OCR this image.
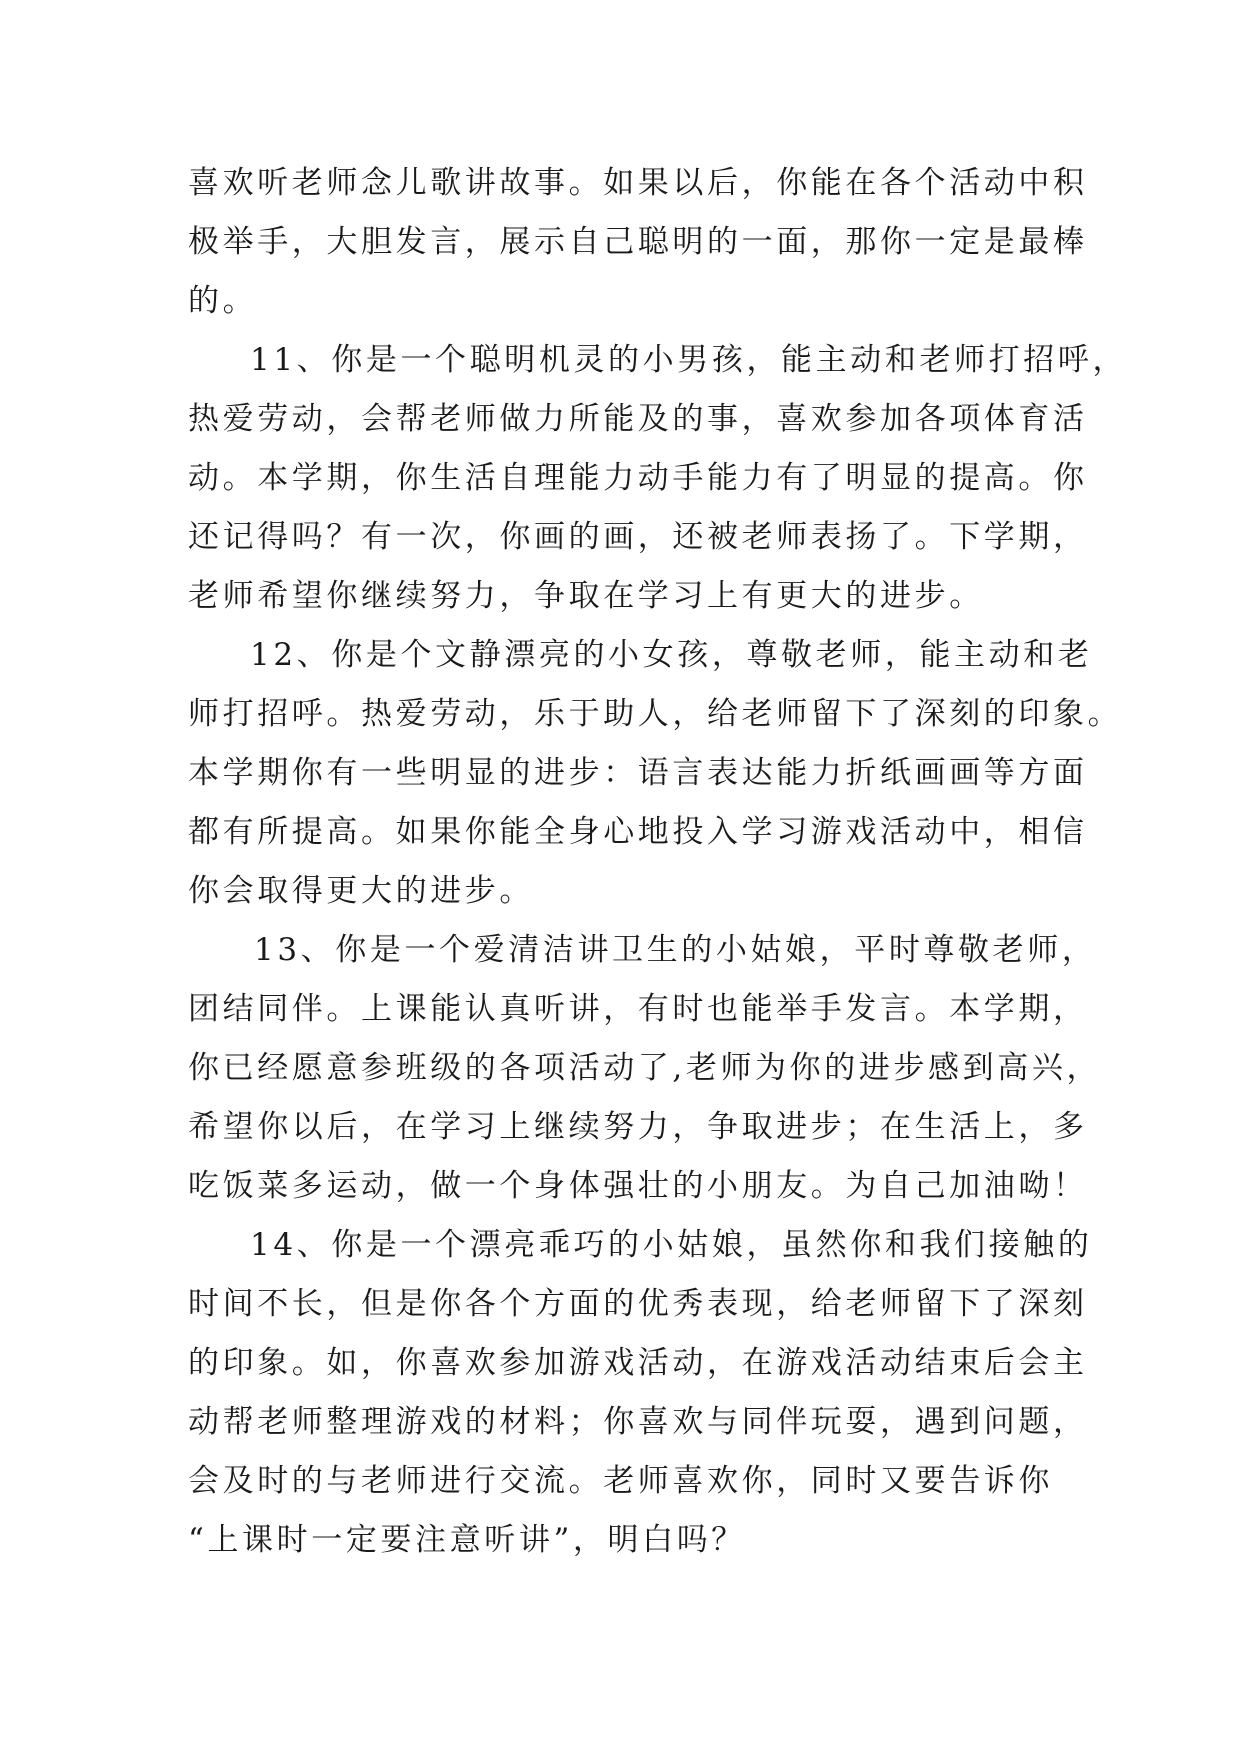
喜欢听老师念儿歌讲故事。如果以后，你能在各个活动中积
极举手，大胆发言，展示自己聪明的一面，那你一定是最棒
的。
11、你是一个聪明机灵的小男孩，能主动和老师打招呼，
热爱劳动，会帮老师做力所能及的事，喜欢参加各项体育活
动。本学期，你生活自理能力动手能力有了明显的提高。你
还记得吗？有一次，你画的画，还被老师表扬了。下学期，
老师希望你继续努力，争取在学习上有更大的进步。
12、你是个文静漂亮的小女孩，尊敬老师，能主动和老
师打招呼。热爱劳动，乐于助人，给老师留下了深刻的印象。
本学期你有一些明显的进步：语言表达能力折纸画画等方面
都有所提高。如果你能全身心地投入学习游戏活动中，相信
你会取得更大的进步。
13、你是一个爱清洁讲卫生的小姑娘，平时尊敬老师，
团结同伴。上课能认真听讲，有时也能举手发言。本学期，
你已经愿意参班级的各项活动了,老师为你的进步感到高兴，
希望你以后，在学习上继续努力，争取进步；在生活上，多
吃饭菜多运动，做一个身体强壮的小朋友。为自己加油呦！
14、你是一个漂亮乖巧的小姑娘，虽然你和我们接触的
时间不长，但是你各个方面的优秀表现，给老师留下了深刻
的印象。如，你喜欢参加游戏活动，在游戏活动结束后会主
动帮老师整理游戏的材料；你喜欢与同伴玩耍，遇到问题，
会及时的与老师进行交流。老师喜欢你，同时又要告诉你
“上课时一定要注意听讲”，明白吗？
